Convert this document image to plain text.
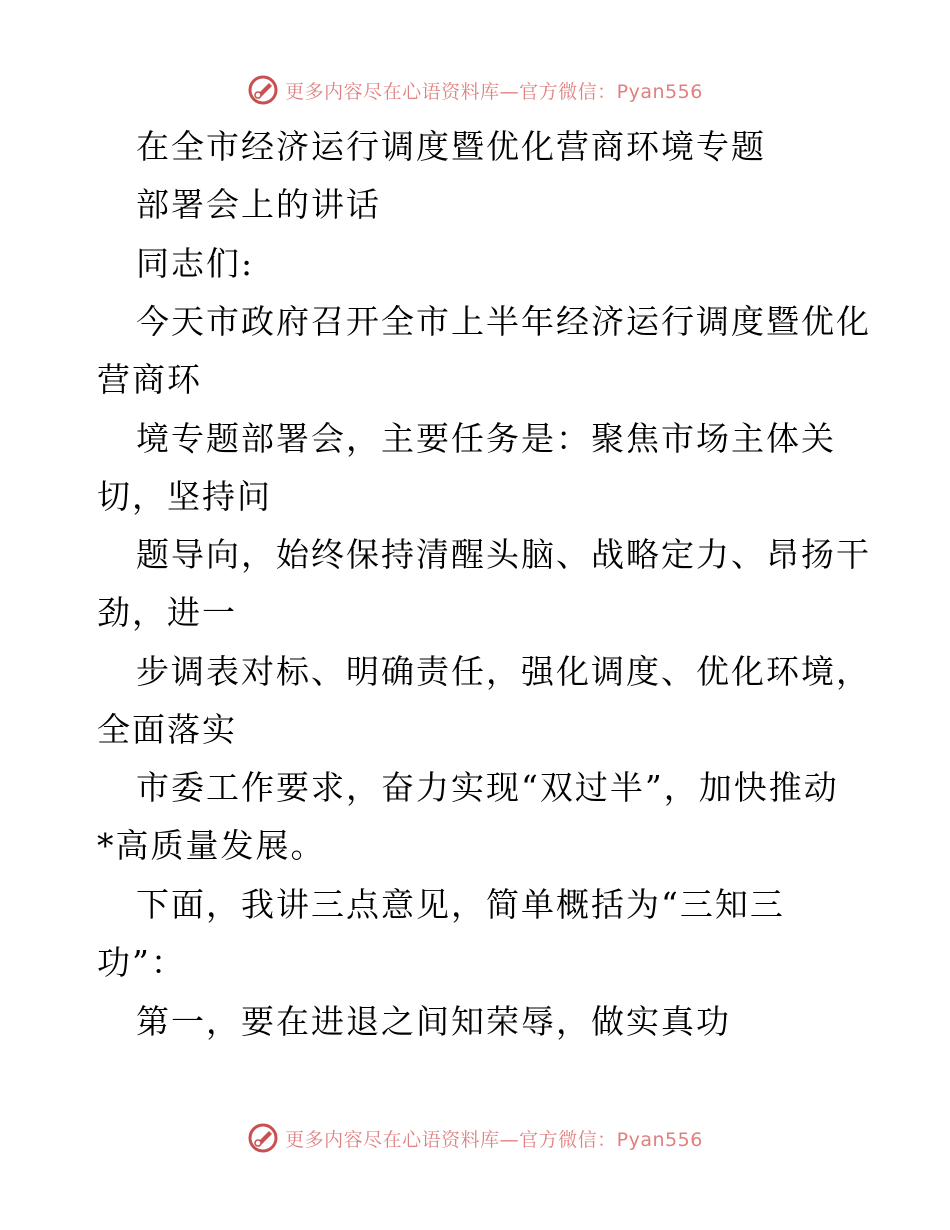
更多内容尽在心语资料库—官方微信：Pyan556
在全市经济运行调度暨优化营商环境专题
部署会上的讲话
同志们:
今天市政府召开全市上半年经济运行调度暨优化
营商环
境专题部署会，主要任务是：聚焦市场主体关
切，坚持问
题导向，始终保持清醒头脑、战略定力、昂扬干
劲，进一
步调表对标、明确责任，强化调度、优化环境，
全面落实
市委工作要求，奋力实现“双过半”，加快推动
*高质量发展。
下面，我讲三点意见，简单概括为“三知三
功”：
第一，要在进退之间知荣辱，做实真功
更多内容尽在心语资料库—官方微信：Pyan556
